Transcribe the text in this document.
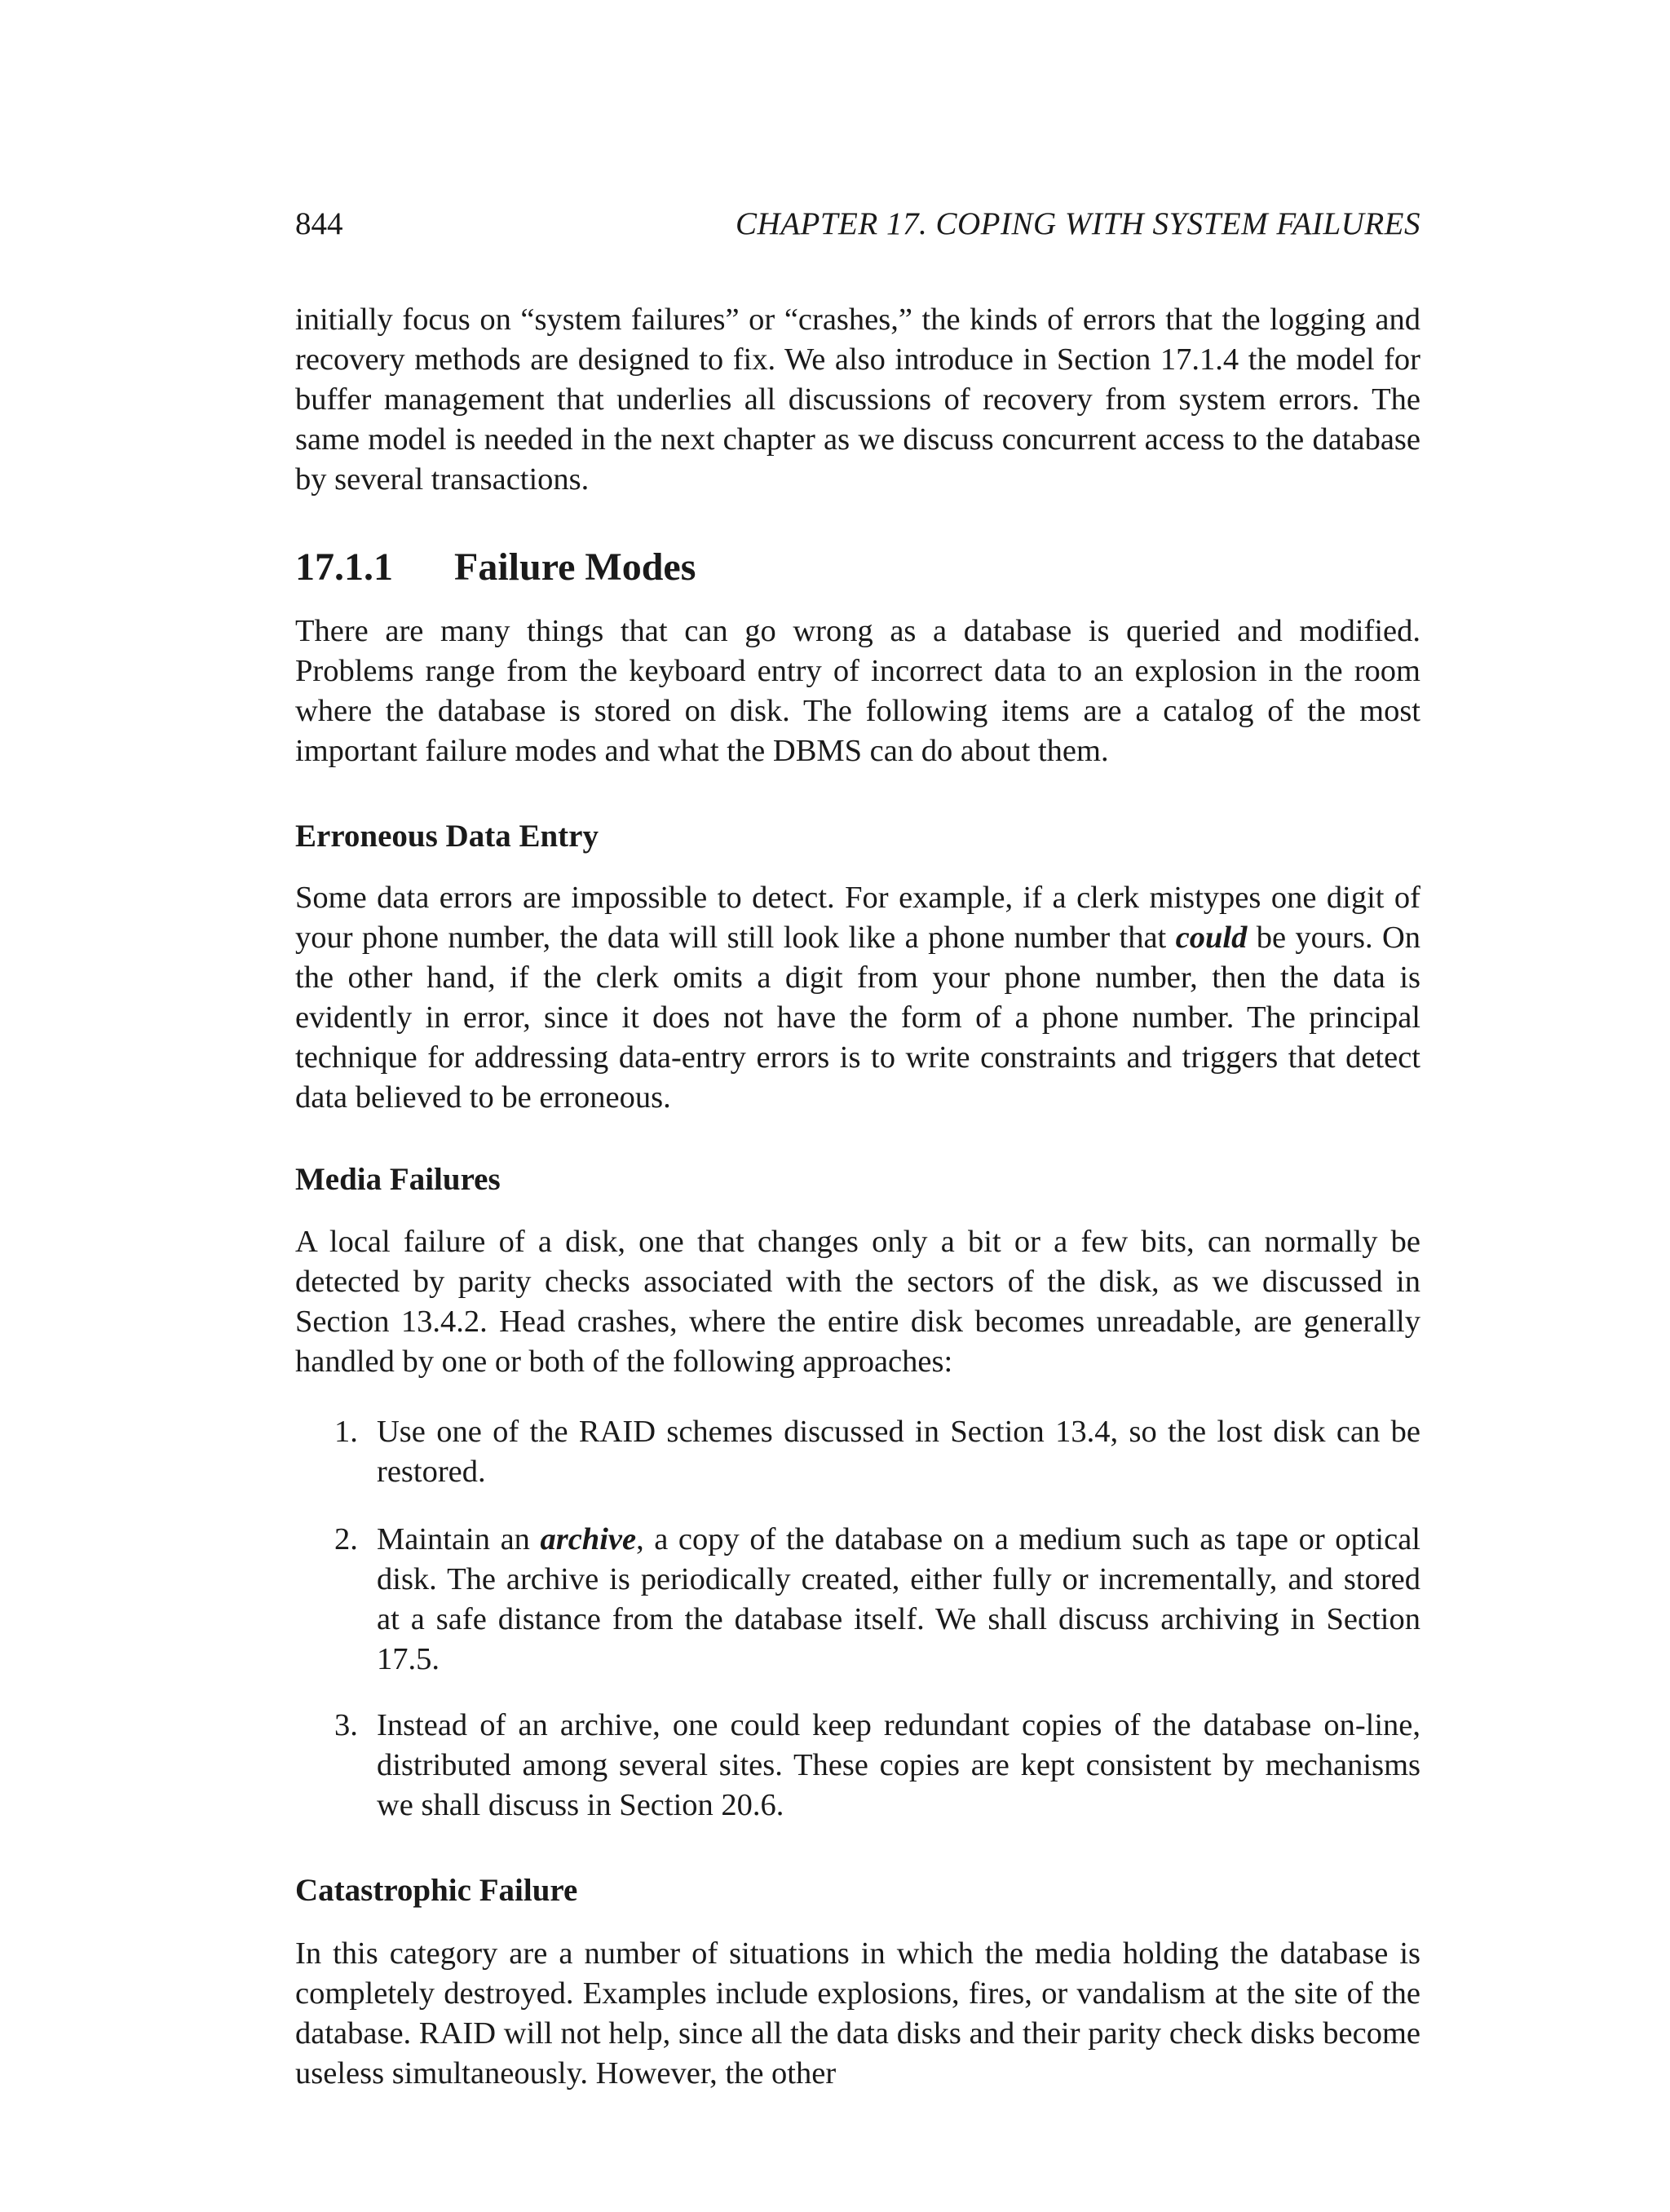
844	CHAPTER 17. COPING WITH SYSTEM FAILURES

initially focus on “system failures” or “crashes,” the kinds of errors that the logging and recovery methods are designed to fix. We also introduce in Section 17.1.4 the model for buffer management that underlies all discussions of recovery from system errors. The same model is needed in the next chapter as we discuss concurrent access to the database by several transactions.

17.1.1 Failure Modes

There are many things that can go wrong as a database is queried and modified. Problems range from the keyboard entry of incorrect data to an explosion in the room where the database is stored on disk. The following items are a catalog of the most important failure modes and what the DBMS can do about them.

Erroneous Data Entry

Some data errors are impossible to detect. For example, if a clerk mistypes one digit of your phone number, the data will still look like a phone number that could be yours. On the other hand, if the clerk omits a digit from your phone number, then the data is evidently in error, since it does not have the form of a phone number. The principal technique for addressing data-entry errors is to write constraints and triggers that detect data believed to be erroneous.

Media Failures

A local failure of a disk, one that changes only a bit or a few bits, can normally be detected by parity checks associated with the sectors of the disk, as we discussed in Section 13.4.2. Head crashes, where the entire disk becomes unreadable, are generally handled by one or both of the following approaches:

1. Use one of the RAID schemes discussed in Section 13.4, so the lost disk can be restored.
2. Maintain an archive, a copy of the database on a medium such as tape or optical disk. The archive is periodically created, either fully or incrementally, and stored at a safe distance from the database itself. We shall discuss archiving in Section 17.5.
3. Instead of an archive, one could keep redundant copies of the database on-line, distributed among several sites. These copies are kept consistent by mechanisms we shall discuss in Section 20.6.
Catastrophic Failure

In this category are a number of situations in which the media holding the database is completely destroyed. Examples include explosions, fires, or vandalism at the site of the database. RAID will not help, since all the data disks and their parity check disks become useless simultaneously. However, the other
